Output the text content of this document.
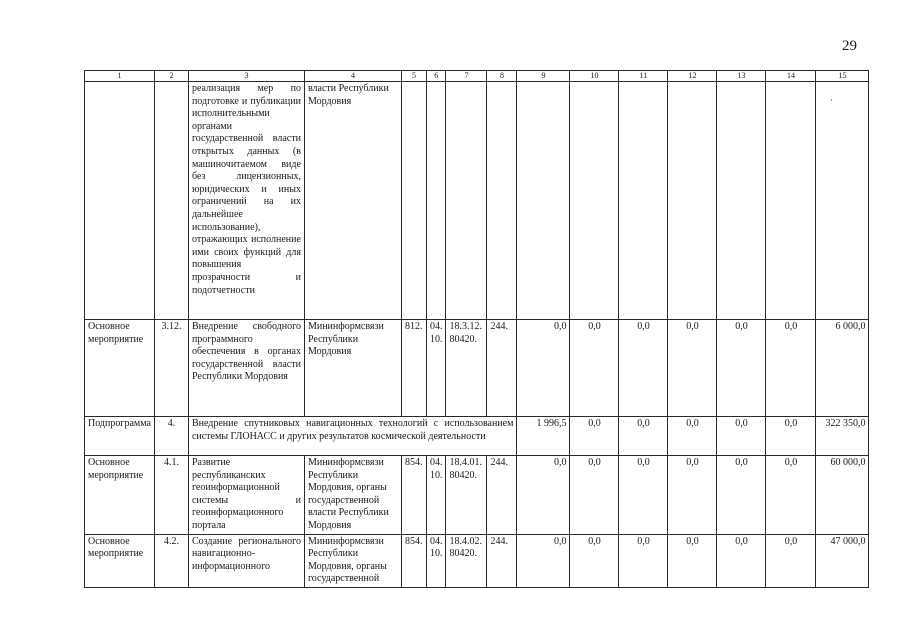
29
·
1	2	3	4	5	6	7	8	9	10	11	12	13	14	15
		реализация мер по подготовке и публикации исполнительными органами государственной власти открытых данных (в машиночитаемом виде без лицензионных, юридических и иных ограничений на их дальнейшее использование), отражающих исполнение ими своих функций для повышения прозрачности и подотчетности	власти Республики Мордовия											
Основное мероприятие	3.12.	Внедрение свободного программного обеспечения в органах государственной власти Республики Мордовия	Мининформсвязи Республики Мордовия	812.	04. 10.	18.3.12. 80420.	244.	0,0	0,0	0,0	0,0	0,0	0,0	6 000,0
Подпрограмма	4.	Внедрение спутниковых навигационных технологий с использованием системы ГЛОНАСС и других результатов космической деятельности						1 996,5	0,0	0,0	0,0	0,0	0,0	322 350,0
Основное мероприятие	4.1.	Развитие республиканских геоинформационной системы и геоинформационного портала	Мининформсвязи Республики Мордовия, органы государственной власти Республики Мордовия	854.	04. 10.	18.4.01. 80420.	244.	0,0	0,0	0,0	0,0	0,0	0,0	60 000,0
Основное мероприятие	4.2.	Создание регионального навигационно-информационного	Мининформсвязи Республики Мордовия, органы государственной	854.	04. 10.	18.4.02. 80420.	244.	0,0	0,0	0,0	0,0	0,0	0,0	47 000,0
